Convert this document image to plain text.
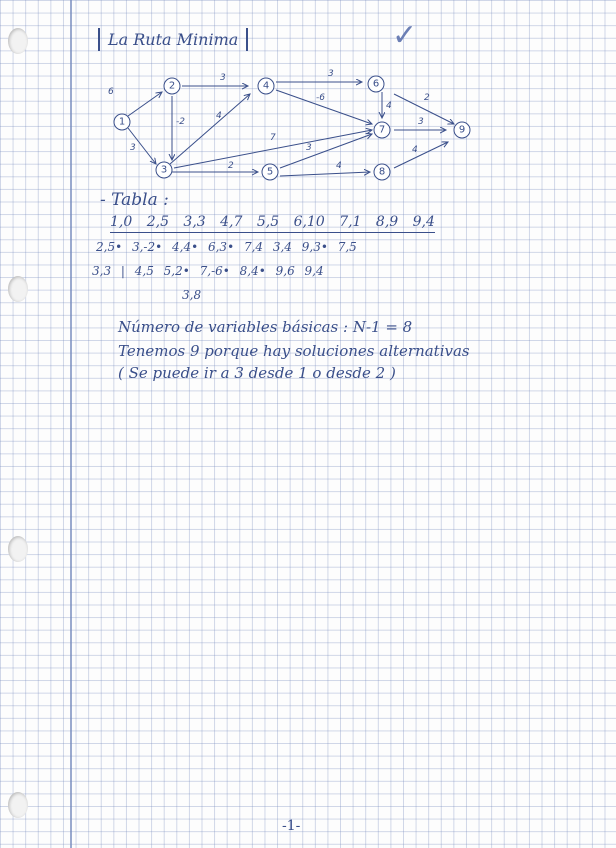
La Ruta Minima	✓
1
2
3
4
5
6
7
8
9
6
3
3
-2
4
2
7
3
-6
3
4
4
2
3
4
- Tabla :
1,0 2,5 3,3 4,7 5,5 6,10 7,1 8,9 9,4
2,5• 3,-2• 4,4• 6,3• 7,4 3,4 9,3• 7,5
3,3 | 4,5 5,2• 7,-6• 8,4• 9,6 9,4
3,8
Número de variables básicas : N-1 = 8
Tenemos 9 porque hay soluciones alternativas
( Se puede ir a 3 desde 1 o desde 2 )
-1-
